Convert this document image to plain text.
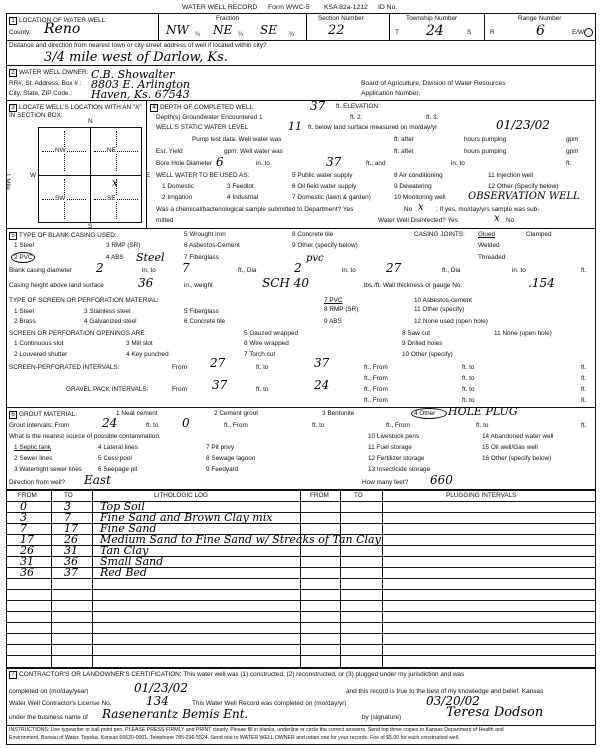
WATER WELL RECORD Form WWC-5 KSA 82a-1212 ID No.
1 LOCATION OF WATER WELL:
County: Reno
Fraction
NW ¼ NE ¼ SE ¼
Section Number
22
Township Number
T 24	S
Range Number
R	6	E/W
Distance and direction from nearest town or city street address of well if located within city?
3/4 mile west of Darlow, Ks.
2 WATER WELL OWNER: C.B. Showalter
RR#, St. Address, Box # : 8803 E. Arlington
City, State, ZIP Code : Haven, Ks. 67543
Board of Agriculture, Division of Water Resources
Application Number:
3 LOCATE WELL'S LOCATION WITH AN "X" IN SECTION BOX:
N
S
W	E
1 Mile
NW	NE
SW	SE
x
4 DEPTH OF COMPLETED WELL	37 ft. ELEVATION:
Depth(s) Groundwater Encountered 1	ft. 2.	ft. 3.
WELL'S STATIC WATER LEVEL	11 ft. below land surface measured on mo/day/yr	01/23/02
Pump test data: Well water was	ft. after	hours pumping	gpm
Est. Yield	gpm: Well water was	ft. after	hours pumping	gpm
Bore Hole Diameter 6	in. to	37	ft., and	in. to	ft.
WELL WATER TO BE USED AS:	5 Public water supply	8 Air conditioning	11 Injection well
1 Domestic	3 Feedlot	6 Oil field water supply	9 Dewatering	12 Other (Specify below)
2 Irrigation	4 Industrial	7 Domestic (lawn & garden)	10 Monitoring well OBSERVATION WELL
Was a chemical/bacteriological sample submitted to Department? Yes	No x ; If yes, mo/day/yrs sample was sub-
mitted	Water Well Disinfected? Yes	x No
5 TYPE OF BLANK CASING USED:
1 Steel	3 RMP (SR)
5 Wrought iron	8 Concrete tile
2 PVC	4 ABS
6 Asbestos-Cement	9 Other (specify below)
7 Fiberglass
CASING JOINTS: Glued	Clamped
Welded
Threaded
Steel	pvc
Blank casing diameter 2	in. to 7	ft., Dia	2	in. to	27	ft., Dia	in. to	ft.
Casing height above land surface	36	in., weight	SCH 40	lbs./ft. Wall thickness or gauge No.	.154
TYPE OF SCREEN OR PERFORATION MATERIAL:
1 Steel	3 Stainless steel	5 Fiberglass
7 PVC	10 Asbestos-cement
8 RMP (SR)	11 Other (specify)
2 Brass	4 Galvanized steel	6 Concrete tile	9 ABS	12 None used (open hole)
SCREEN OR PERFORATION OPENINGS ARE:	5 Gauzed wrapped	8 Saw cut	11 None (open hole)
1 Continuous slot	3 Mill slot	6 Wire wrapped	9 Drilled holes
2 Louvered shutter	4 Key punched	7 Torch cut	10 Other (specify)
SCREEN-PERFORATED INTERVALS:	From 27	ft. to	37	ft., From	ft. to	ft.
ft., From	ft. to	ft.
GRAVEL PACK INTERVALS:	From 37	ft. to	24	ft., From	ft. to	ft.
ft., From	ft. to	ft.
6 GROUT MATERIAL:	1 Neat cement	2 Cement grout	3 Bentonite	4 Other HOLE PLUG
Grout Intervals: From	24	ft. to 0	ft., From	ft. to	ft., From	ft. to	ft.
What is the nearest source of possible contamination:	10 Livestock pens	14 Abandoned water well
1 Septic tank	4 Lateral lines	7 Pit privy	11 Fuel storage	15 Oil well/Gas well
2 Sewer lines	5 Cess pool	8 Sewage lagoon	12 Fertilizer storage	16 Other (specify below)
3 Watertight sewer lines	6 Seepage pit	9 Feedyard	13 Insecticide storage
Direction from well? East	How many feet? 660
FROM	TO	LITHOLOGIC LOG	FROM	TO	PLUGGING INTERVALS
0	3	Top Soil
3	7	Fine Sand and Brown Clay mix
7	17 Fine Sand
17	26 Medium Sand to Fine Sand w/ Streaks of Tan Clay
26	31 Tan Clay
31	36 Small Sand
36	37 Red Bed
7 CONTRACTOR'S OR LANDOWNER'S CERTIFICATION: This water well was (1) constructed, (2) reconstructed, or (3) plugged under my jurisdiction and was
completed on (mo/day/year)	01/23/02	and this record is true to the best of my knowledge and belief. Kansas
Water Well Contractor's License No.	134	This Water Well Record was completed on (mo/day/yr)	03/20/02
under the business name of Rasenerantz Bemis Ent.	by (signature)	Teresa Dodson
INSTRUCTIONS: Use typewriter or ball point pen. PLEASE PRESS FIRMLY and PRINT clearly. Please fill in blanks, underline or circle the correct answers. Send top three copies to Kansas Department of Health and
Environment, Bureau of Water, Topeka, Kansas 66620-0001. Telephone 785-296-5524. Send one to WATER WELL OWNER and retain one for your records. Fee of $5.00 for each constructed well.
